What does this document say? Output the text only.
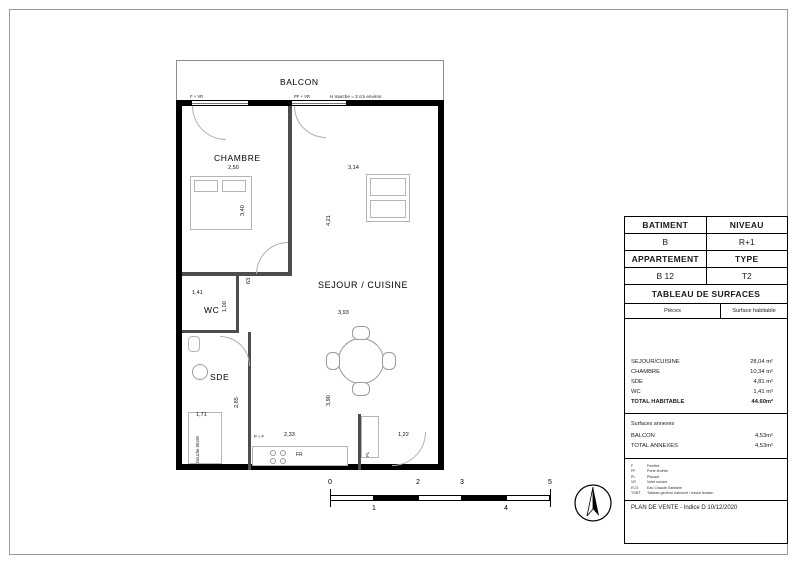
BALCON
F + VR	PF + VR	H marche = 3 cm environ
CHAMBRE
2,50
3,40
SEJOUR / CUISINE
3,14
4,21
3,93
3,90
63
WC
1,41
1,00
SDE
Douche 90x90
2,85
1,71
FR
P + F	2,33
PL
1,22
0
1
2	3
4
5
BATIMENT	NIVEAU
B	R+1
APPARTEMENT	TYPE
B 12	T2
TABLEAU DE SURFACES
Pièces	Surface habitable
SEJOUR/CUISINE	28,04 m²
CHAMBRE	10,34 m²
SDE	4,81 m²
WC	1,41 m²
TOTAL HABITABLE	44.60m²
Surfaces annexes
BALCON	4,53m²
TOTAL ANNEXES	4,53m²
F	Fenêtre
PF	Porte-fenêtre
PL	Placard
VR	Volet roulant
ECS	Eau Chaude Sanitaire
TGBT	Tableau général d'abonné / basse tension
PLAN DE VENTE - Indice D 10/12/2020
